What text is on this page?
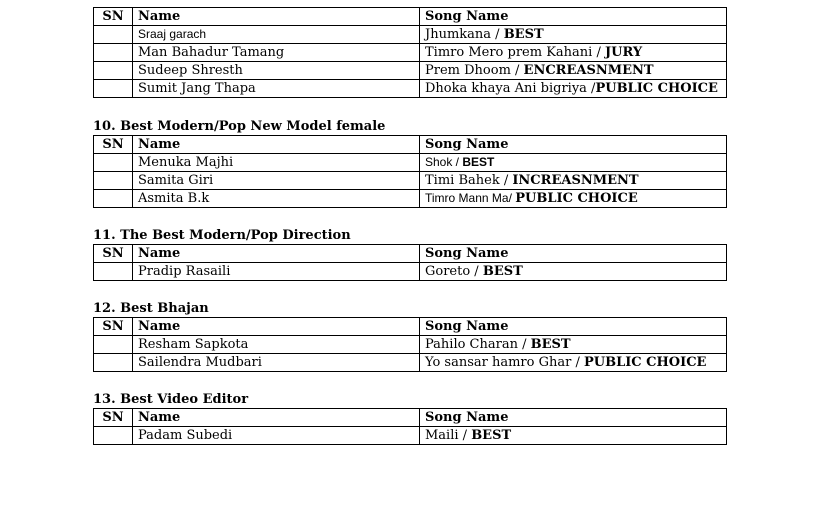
SN	Name	Song Name
	Sraaj garach	Jhumkana / BEST
	Man Bahadur Tamang	Timro Mero prem Kahani / JURY
	Sudeep Shresth	Prem Dhoom / ENCREASNMENT
	Sumit Jang Thapa	Dhoka khaya Ani bigriya /PUBLIC CHOICE
10. Best Modern/Pop New Model female
SN	Name	Song Name
	Menuka Majhi	Shok / BEST
	Samita Giri	Timi Bahek / INCREASNMENT
	Asmita B.k	Timro Mann Ma/ PUBLIC CHOICE
11. The Best Modern/Pop Direction
SN	Name	Song Name
	Pradip Rasaili	Goreto / BEST
12. Best Bhajan
SN	Name	Song Name
	Resham Sapkota	Pahilo Charan / BEST
	Sailendra Mudbari	Yo sansar hamro Ghar / PUBLIC CHOICE
13. Best Video Editor
SN	Name	Song Name
	Padam Subedi	Maili / BEST
